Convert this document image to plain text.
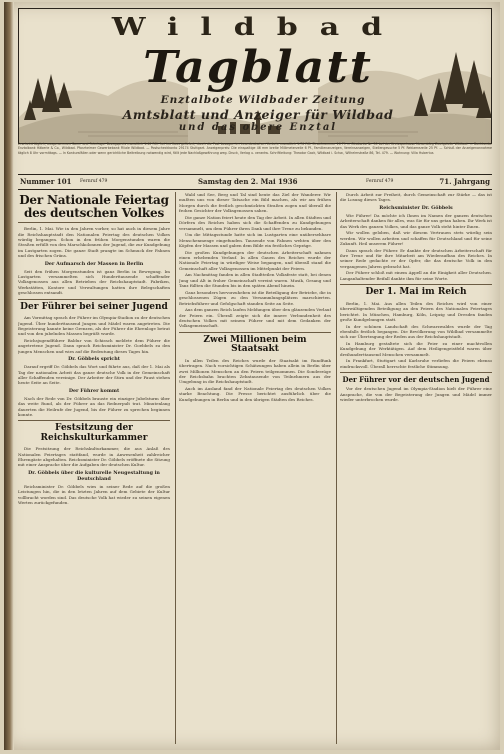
Wildbad
Tagblatt
Enztalbote Wildbader Zeitung
Amtsblatt und Anzeiger für Wildbad
und das obere Enztal
Erscheint täglich, ausgenommen Sonn- und Feiertage. Bezugspreis monatlich 1.40 RM. frei ins Haus geliefert; durch die Post bezogen im innerdeutschen Verkehr monatlich 1.76 RM. Einzelnummer 10 Pf. — Girokonto Nr. 50 bei der Kreissparkasse Neuenbürg Zweigstelle Wildbad. — Bankkonto: Enztalbank Häberle & Co., Wildbad. Pforzheimer Gewerbebank Filiale Wildbad. — Postscheckkonto 29174 Stuttgart. Anzeigenpreis: Die einspaltige 46 mm breite Millimeterzeile 6 Pf., Familienanzeigen, Vereinsanzeigen, Stellengesuche 5 Pf. Reklamezeile 25 Pf. — Schluß der Anzeigenannahme täglich 8 Uhr vormittags. — In Konkursfällen oder wenn gerichtliche Beitreibung notwendig wird, fällt jede Nachlaßgewährung weg. Druck, Verlag u. verantw. Schriftleitung: Theodor Gack, Wildbad i. Schw., Wilhelmstraße 86, Tel. 479. — Wohnung: Villa Hubertus
Nummer 101 Fernruf 479	Samstag den 2. Mai 1936	Fernruf 479	71. Jahrgang
Der Nationale Feiertag des deutschen Volkes

Berlin, 1. Mai. Wie in den Jahren vorher, so hat auch in diesem Jahre die Reichshauptstadt den Nationalen Feiertag des deutschen Volkes würdig begangen. Schon in den frühen Morgenstunden waren die Straßen erfüllt von den Marschkolonnen der Jugend, die zur Kundgebung im Lustgarten zogen. Die ganze Stadt prangte im Schmuck der Fahnen und des frischen Grüns.

Der Aufmarsch der Massen in Berlin

Seit den frühen Morgenstunden ist ganz Berlin in Bewegung. Im Lustgarten versammelten sich Hunderttausende schaffender Volksgenossen aus allen Betrieben der Reichshauptstadt. Fabriken, Werkstätten, Kontore und Verwaltungen hatten ihre Belegschaften geschlossen entsandt.

Der Führer bei seiner Jugend

Am Vormittag sprach der Führer im Olympia-Stadion zu der deutschen Jugend. Über hunderttausend Jungen und Mädel waren angetreten. Die Begeisterung kannte keine Grenzen, als der Führer die Ehrenloge betrat und von den jubelnden Massen begrüßt wurde.

Reichsjugendführer Baldur von Schirach meldete dem Führer die angetretene Jugend. Dann sprach Reichsminister Dr. Goebbels zu den jungen Menschen und wies auf die Bedeutung dieses Tages hin.

Dr. Göbbels spricht

Darauf ergriff Dr. Göbbels das Wort und führte aus, daß der 1. Mai als Tag der nationalen Arbeit das ganze deutsche Volk in der Gemeinschaft aller Schaffenden vereinige. Der Arbeiter der Stirn und der Faust stehen heute Seite an Seite.

Der Führer kommt

Nach der Rede von Dr. Göbbels brauste ein einziger Jubelsturm über das weite Rund, als der Führer an das Rednerpult trat. Minutenlang dauerten die Heilrufe der Jugend, bis der Führer zu sprechen beginnen konnte.

Festsitzung der Reichskulturkammer

Die Festsitzung der Reichskulturkammer, die aus Anlaß des Nationalen Feiertages stattfand, wurde in Anwesenheit zahlreicher Ehrengäste abgehalten. Reichsminister Dr. Göbbels eröffnete die Sitzung mit einer Ansprache über die Aufgaben der deutschen Kultur.

Dr. Göbbels über die kulturelle Neugestaltung in Deutschland

Reichsminister Dr. Göbbels wies in seiner Rede auf die großen Leistungen hin, die in den letzten Jahren auf dem Gebiete der Kultur vollbracht worden sind. Das deutsche Volk hat wieder zu seinen eigenen Werten zurückgefunden.

Wald und See, Berg und Tal sind heute das Ziel der Wanderer. Wir mußten uns von dieser Tatsache ein Bild machen, als wir am frühen Morgen durch die festlich geschmückten Straßen zogen und überall die frohen Gesichter der Volksgenossen sahen.

Die ganze Nation feiert heute den Tag der Arbeit. In allen Städten und Dörfern des Reiches haben sich die Schaffenden zu Kundgebungen versammelt, um dem Führer ihren Dank und ihre Treue zu bekunden.

Um die Mittagsstunde hatte sich im Lustgarten eine unübersehbare Menschenmenge eingefunden. Tausende von Fahnen wehten über den Köpfen der Massen und gaben dem Bilde ein festliches Gepräge.

Die großen Kundgebungen der deutschen Arbeiterschaft nahmen einen erhebenden Verlauf. In allen Gauen des Reiches wurde der Nationale Feiertag in würdiger Weise begangen, und überall stand die Gemeinschaft aller Volksgenossen im Mittelpunkt der Feiern.

Am Nachmittag fanden in allen Stadtteilen Volksfeste statt, bei denen Jung und Alt in froher Gemeinschaft vereint waren. Musik, Gesang und Tanz füllten die Stunden bis in den späten Abend hinein.

Ganz besonders hervorzuheben ist die Beteiligung der Betriebe, die in geschlossenen Zügen zu den Versammlungsplätzen marschierten. Betriebsführer und Gefolgschaft standen Seite an Seite.

Aus dem ganzen Reich laufen Meldungen über den glänzenden Verlauf der Feiern ein. Überall zeigte sich die innere Verbundenheit des deutschen Volkes mit seinem Führer und mit dem Gedanken der Volksgemeinschaft.

Zwei Millionen beim Staatsakt

In allen Teilen des Reiches wurde der Staatsakt im Rundfunk übertragen. Nach vorsichtigen Schätzungen haben allein in Berlin über zwei Millionen Menschen an den Feiern teilgenommen. Die Sonderzüge der Reichsbahn brachten Zehntausende von Teilnehmern aus der Umgebung in die Reichshauptstadt.

Auch im Ausland fand der Nationale Feiertag des deutschen Volkes starke Beachtung. Die Presse berichtet ausführlich über die Kundgebungen in Berlin und in den übrigen Städten des Reiches.

Durch Arbeit zur Freiheit, durch Gemeinschaft zur Stärke — das ist die Losung dieses Tages.

Reichsminister Dr. Göbbels

Wie Führer! Da möchte ich Ihnen im Namen der ganzen deutschen Arbeiterschaft danken für alles, was Sie für uns getan haben. Ihr Werk ist das Werk des ganzen Volkes, und das ganze Volk steht hinter Ihnen.

Wir wollen geloben, daß wir diesem Vertrauen stets würdig sein werden. Wir wollen arbeiten und schaffen für Deutschland und für seine Zukunft. Heil unserem Führer!

Dann sprach der Führer. Er dankte der deutschen Arbeiterschaft für ihre Treue und für ihre Mitarbeit am Wiederaufbau des Reiches. In seiner Rede gedachte er der Opfer, die das deutsche Volk in den vergangenen Jahren gebracht hat.

Der Führer schloß mit einem Appell an die Einigkeit aller Deutschen. Langanhaltender Beifall dankte ihm für seine Worte.

Der 1. Mai im Reich

Berlin, 1. Mai. Aus allen Teilen des Reiches wird von einer überwältigenden Beteiligung an den Feiern des Nationalen Feiertages berichtet. In München, Hamburg, Köln, Leipzig und Dresden fanden große Kundgebungen statt.

In der schönen Landschaft des Schwarzwaldes wurde der Tag ebenfalls festlich begangen. Die Bevölkerung von Wildbad versammelte sich zur Übertragung der Reden aus der Reichshauptstadt.

In Hamburg gestaltete sich die Feier zu einer machtvollen Kundgebung der Werktätigen. Auf dem Heiligengeistfeld waren über dreihunderttausend Menschen versammelt.

In Frankfurt, Stuttgart und Karlsruhe verliefen die Feiern ebenso eindrucksvoll. Überall herrschte festliche Stimmung.

Der Führer vor der deutschen Jugend

Vor der deutschen Jugend im Olympia-Stadion hielt der Führer eine Ansprache, die von der Begeisterung der Jungen und Mädel immer wieder unterbrochen wurde.
